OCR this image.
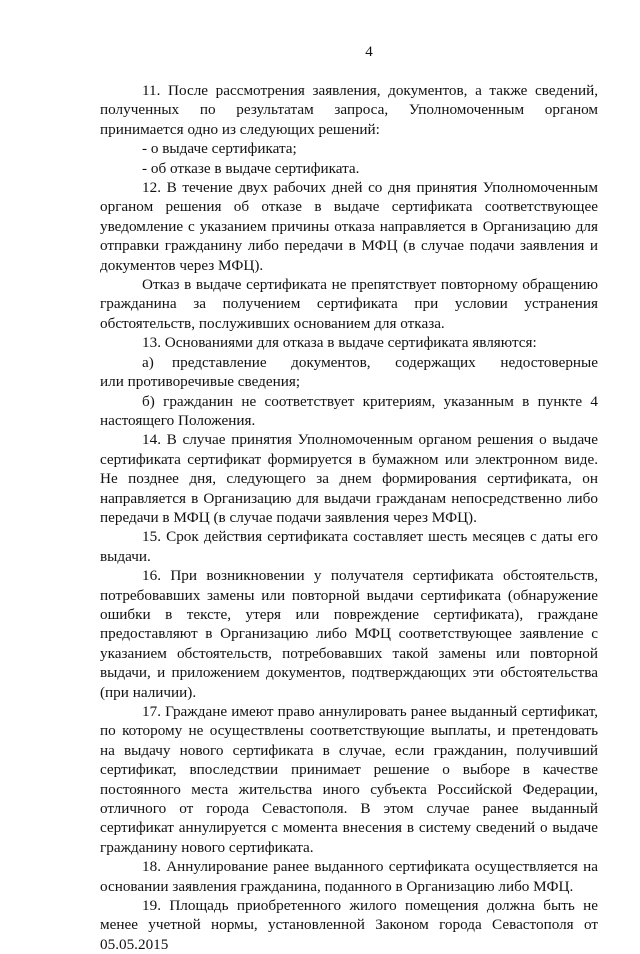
4

11. После рассмотрения заявления, документов, а также сведений, полученных по результатам запроса, Уполномоченным органом принимается одно из следующих решений:

- о выдаче сертификата;

- об отказе в выдаче сертификата.

12. В течение двух рабочих дней со дня принятия Уполномоченным органом решения об отказе в выдаче сертификата соответствующее уведомление с указанием причины отказа направляется в Организацию для отправки гражданину либо передачи в МФЦ (в случае подачи заявления и документов через МФЦ).

Отказ в выдаче сертификата не препятствует повторному обращению гражданина за получением сертификата при условии устранения обстоятельств, послуживших основанием для отказа.

13. Основаниями для отказа в выдаче сертификата являются:

а)	представление документов, содержащих недостоверные

или противоречивые сведения;

б) гражданин не соответствует критериям, указанным в пункте 4 настоящего Положения.

14. В случае принятия Уполномоченным органом решения о выдаче сертификата сертификат формируется в бумажном или электронном виде. Не позднее дня, следующего за днем формирования сертификата, он направляется в Организацию для выдачи гражданам непосредственно либо передачи в МФЦ (в случае подачи заявления через МФЦ).

15. Срок действия сертификата составляет шесть месяцев с даты его выдачи.

16. При возникновении у получателя сертификата обстоятельств, потребовавших замены или повторной выдачи сертификата (обнаружение ошибки в тексте, утеря или повреждение сертификата), граждане предоставляют в Организацию либо МФЦ соответствующее заявление с указанием обстоятельств, потребовавших такой замены или повторной выдачи, и приложением документов, подтверждающих эти обстоятельства (при наличии).

17. Граждане имеют право аннулировать ранее выданный сертификат, по которому не осуществлены соответствующие выплаты, и претендовать на выдачу нового сертификата в случае, если гражданин, получивший сертификат, впоследствии принимает решение о выборе в качестве постоянного места жительства иного субъекта Российской Федерации, отличного от города Севастополя. В этом случае ранее выданный сертификат аннулируется с момента внесения в систему сведений о выдаче гражданину нового сертификата.

18. Аннулирование ранее выданного сертификата осуществляется на основании заявления гражданина, поданного в Организацию либо МФЦ.

19. Площадь приобретенного жилого помещения должна быть не менее учетной нормы, установленной Законом города Севастополя от 05.05.2015
